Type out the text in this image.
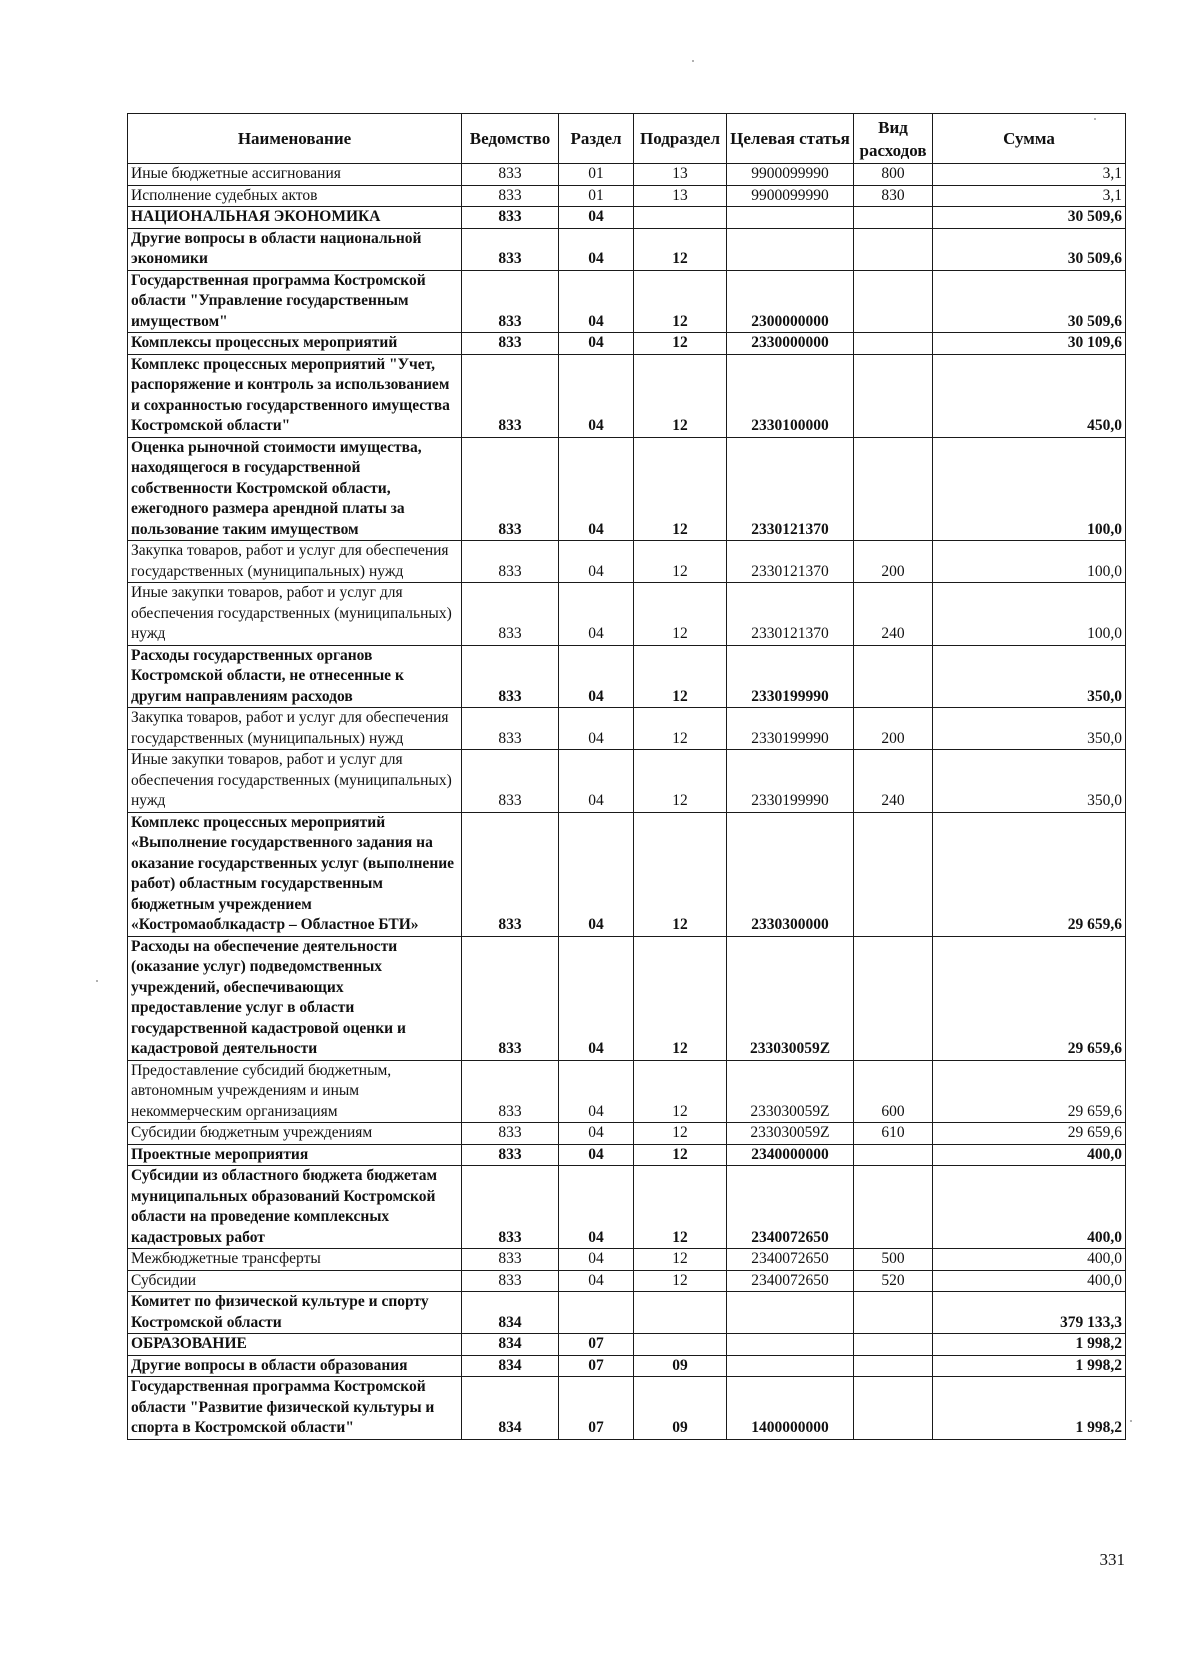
Наименование	Ведомство	Раздел	Подраздел	Целевая статья	Вид расходов	Сумма
Иные бюджетные ассигнования	833	01	13	9900099990	800	3,1
Исполнение судебных актов	833	01	13	9900099990	830	3,1
НАЦИОНАЛЬНАЯ ЭКОНОМИКА	833	04				30 509,6
Другие вопросы в области национальной экономики	833	04	12			30 509,6
Государственная программа Костромской области "Управление государственным имуществом"	833	04	12	2300000000		30 509,6
Комплексы процессных мероприятий	833	04	12	2330000000		30 109,6
Комплекс процессных мероприятий "Учет, распоряжение и контроль за использованием и сохранностью государственного имущества Костромской области"	833	04	12	2330100000		450,0
Оценка рыночной стоимости имущества, находящегося в государственной собственности Костромской области, ежегодного размера арендной платы за пользование таким имуществом	833	04	12	2330121370		100,0
Закупка товаров, работ и услуг для обеспечения государственных (муниципальных) нужд	833	04	12	2330121370	200	100,0
Иные закупки товаров, работ и услуг для обеспечения государственных (муниципальных) нужд	833	04	12	2330121370	240	100,0
Расходы государственных органов Костромской области, не отнесенные к другим направлениям расходов	833	04	12	2330199990		350,0
Закупка товаров, работ и услуг для обеспечения государственных (муниципальных) нужд	833	04	12	2330199990	200	350,0
Иные закупки товаров, работ и услуг для обеспечения государственных (муниципальных) нужд	833	04	12	2330199990	240	350,0
Комплекс процессных мероприятий «Выполнение государственного задания на оказание государственных услуг (выполнение работ) областным государственным бюджетным учреждением «Костромаоблкадастр – Областное БТИ»	833	04	12	2330300000		29 659,6
Расходы на обеспечение деятельности (оказание услуг) подведомственных учреждений, обеспечивающих предоставление услуг в области государственной кадастровой оценки и кадастровой деятельности	833	04	12	233030059Z		29 659,6
Предоставление субсидий бюджетным, автономным учреждениям и иным некоммерческим организациям	833	04	12	233030059Z	600	29 659,6
Субсидии бюджетным учреждениям	833	04	12	233030059Z	610	29 659,6
Проектные мероприятия	833	04	12	2340000000		400,0
Субсидии из областного бюджета бюджетам муниципальных образований Костромской области на проведение комплексных кадастровых работ	833	04	12	2340072650		400,0
Межбюджетные трансферты	833	04	12	2340072650	500	400,0
Субсидии	833	04	12	2340072650	520	400,0
Комитет по физической культуре и спорту Костромской области	834					379 133,3
ОБРАЗОВАНИЕ	834	07				1 998,2
Другие вопросы в области образования	834	07	09			1 998,2
Государственная программа Костромской области "Развитие физической культуры и спорта в Костромской области"	834	07	09	1400000000		1 998,2
331
